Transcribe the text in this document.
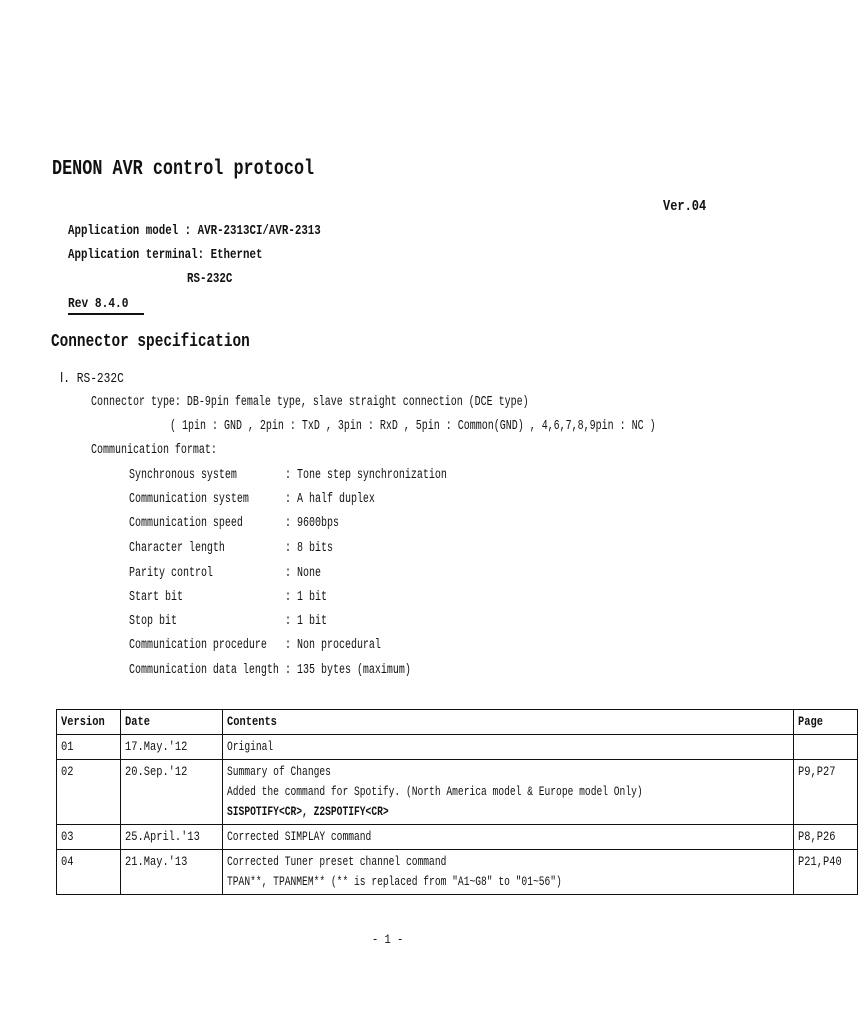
DENON AVR control protocol
Ver.04
Application model : AVR-2313CI/AVR-2313
Application terminal: Ethernet
RS-232C
Rev 8.4.0
Connector specification
Ⅰ. RS-232C
Connector type: DB-9pin female type, slave straight connection (DCE type)
( 1pin : GND , 2pin : TxD , 3pin : RxD , 5pin : Common(GND) , 4,6,7,8,9pin : NC )
Communication format:
Synchronous system	: Tone step synchronization
Communication system	: A half duplex
Communication speed	: 9600bps
Character length	: 8 bits
Parity control	: None
Start bit	: 1 bit
Stop bit	: 1 bit
Communication procedure	: Non procedural
Communication data length : 135 bytes (maximum)
Version	Date	Contents	Page
01	17.May.'12	Original	

02	20.Sep.'12	Summary of Changes
Added the command for Spotify. (North America model & Europe model Only)
SISPOTIFY<CR>, Z2SPOTIFY<CR>	P9,P27
03	25.April.'13	Corrected SIMPLAY command	P8,P26
04	21.May.'13	Corrected Tuner preset channel command
TPAN**, TPANMEM** (** is replaced from "A1~G8" to "01~56")	P21,P40
- 1 -
